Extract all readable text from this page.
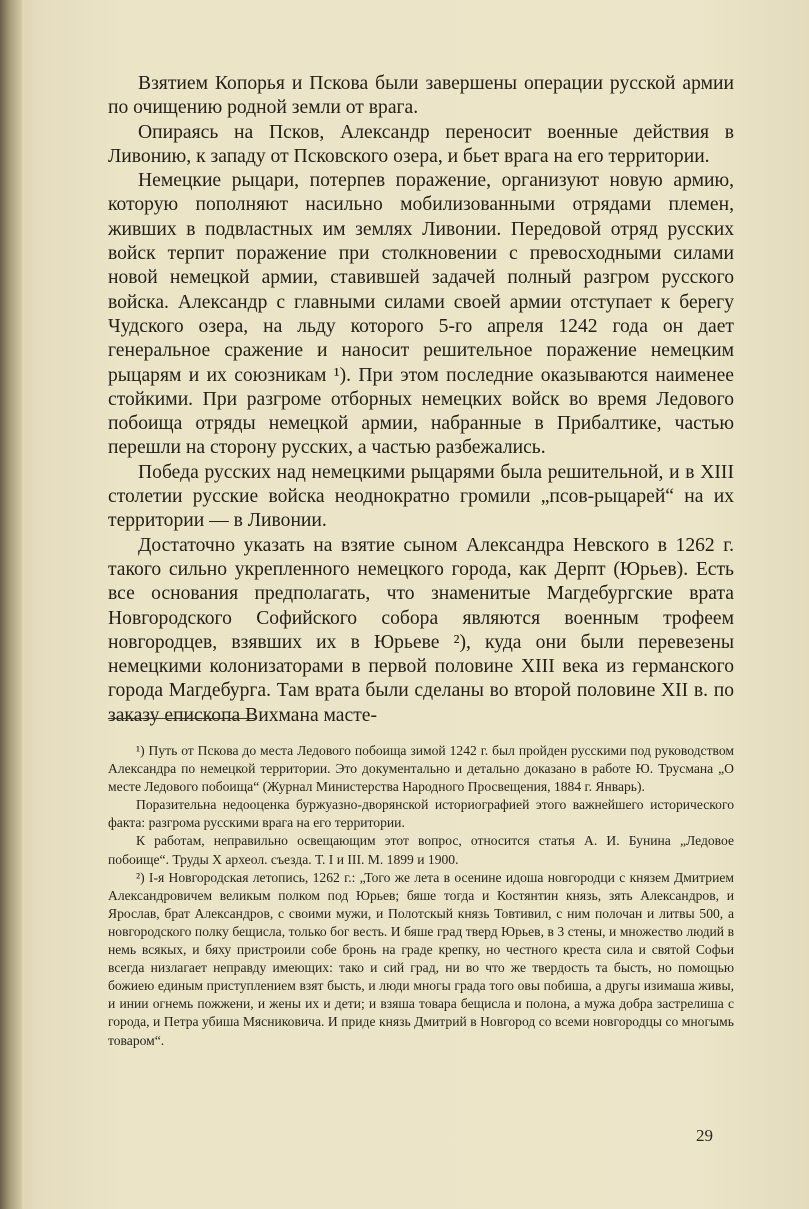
Взятием Копорья и Пскова были завершены операции русской армии по очищению родной земли от врага.

Опираясь на Псков, Александр переносит военные действия в Ливонию, к западу от Псковского озера, и бьет врага на его территории.

Немецкие рыцари, потерпев поражение, организуют новую армию, которую пополняют насильно мобилизованными отрядами племен, живших в подвластных им землях Ливонии. Передовой отряд русских войск терпит поражение при столкновении с превосходными силами новой немецкой армии, ставившей задачей полный разгром русского войска. Александр с главными силами своей армии отступает к берегу Чудского озера, на льду которого 5-го апреля 1242 года он дает генеральное сражение и наносит решительное поражение немецким рыцарям и их союзникам ¹). При этом последние оказываются наименее стойкими. При разгроме отборных немецких войск во время Ледового побоища отряды немецкой армии, набранные в Прибалтике, частью перешли на сторону русских, а частью разбежались.

Победа русских над немецкими рыцарями была решительной, и в XIII столетии русские войска неоднократно громили „псов-рыцарей“ на их территории — в Ливонии.

Достаточно указать на взятие сыном Александра Невского в 1262 г. такого сильно укрепленного немецкого города, как Дерпт (Юрьев). Есть все основания предполагать, что знаменитые Магдебургские врата Новгородского Софийского собора являются военным трофеем новгородцев, взявших их в Юрьеве ²), куда они были перевезены немецкими колонизаторами в первой половине XIII века из германского города Магдебурга. Там врата были сделаны во второй половине XII в. по заказу епископа Вихмана масте-

¹) Путь от Пскова до места Ледового побоища зимой 1242 г. был пройден русскими под руководством Александра по немецкой территории. Это документально и детально доказано в работе Ю. Трусмана „О месте Ледового побоища“ (Журнал Министерства Народного Просвещения, 1884 г. Январь).

Поразительна недооценка буржуазно-дворянской историографией этого важнейшего исторического факта: разгрома русскими врага на его территории.

К работам, неправильно освещающим этот вопрос, относится статья А. И. Бунина „Ледовое побоище“. Труды X археол. съезда. Т. I и III. М. 1899 и 1900.

²) I-я Новгородская летопись, 1262 г.: „Того же лета в осенине идоша новгородци с князем Дмитрием Александровичем великым полком под Юрьев; бяше тогда и Костянтин князь, зять Александров, и Ярослав, брат Александров, с своими мужи, и Полотскый князь Товтивил, с ним полочан и литвы 500, а новгородского полку бещисла, только бог весть. И бяше град тверд Юрьев, в 3 стены, и множество людий в немь всякых, и бяху пристроили собе бронь на граде крепку, но честного креста сила и святой Софьи всегда низлагает неправду имеющих: тако и сий град, ни во что же твердость та бысть, но помощью божиею единым приступлением взят бысть, и люди многы града того овы побиша, а другы изимаша живы, и инии огнемь пожжени, и жены их и дети; и взяша товара бещисла и полона, а мужа добра застрелиша с города, и Петра убиша Мясниковича. И приде князь Дмитрий в Новгород со всеми новгородцы со многымь товаром“.

29
